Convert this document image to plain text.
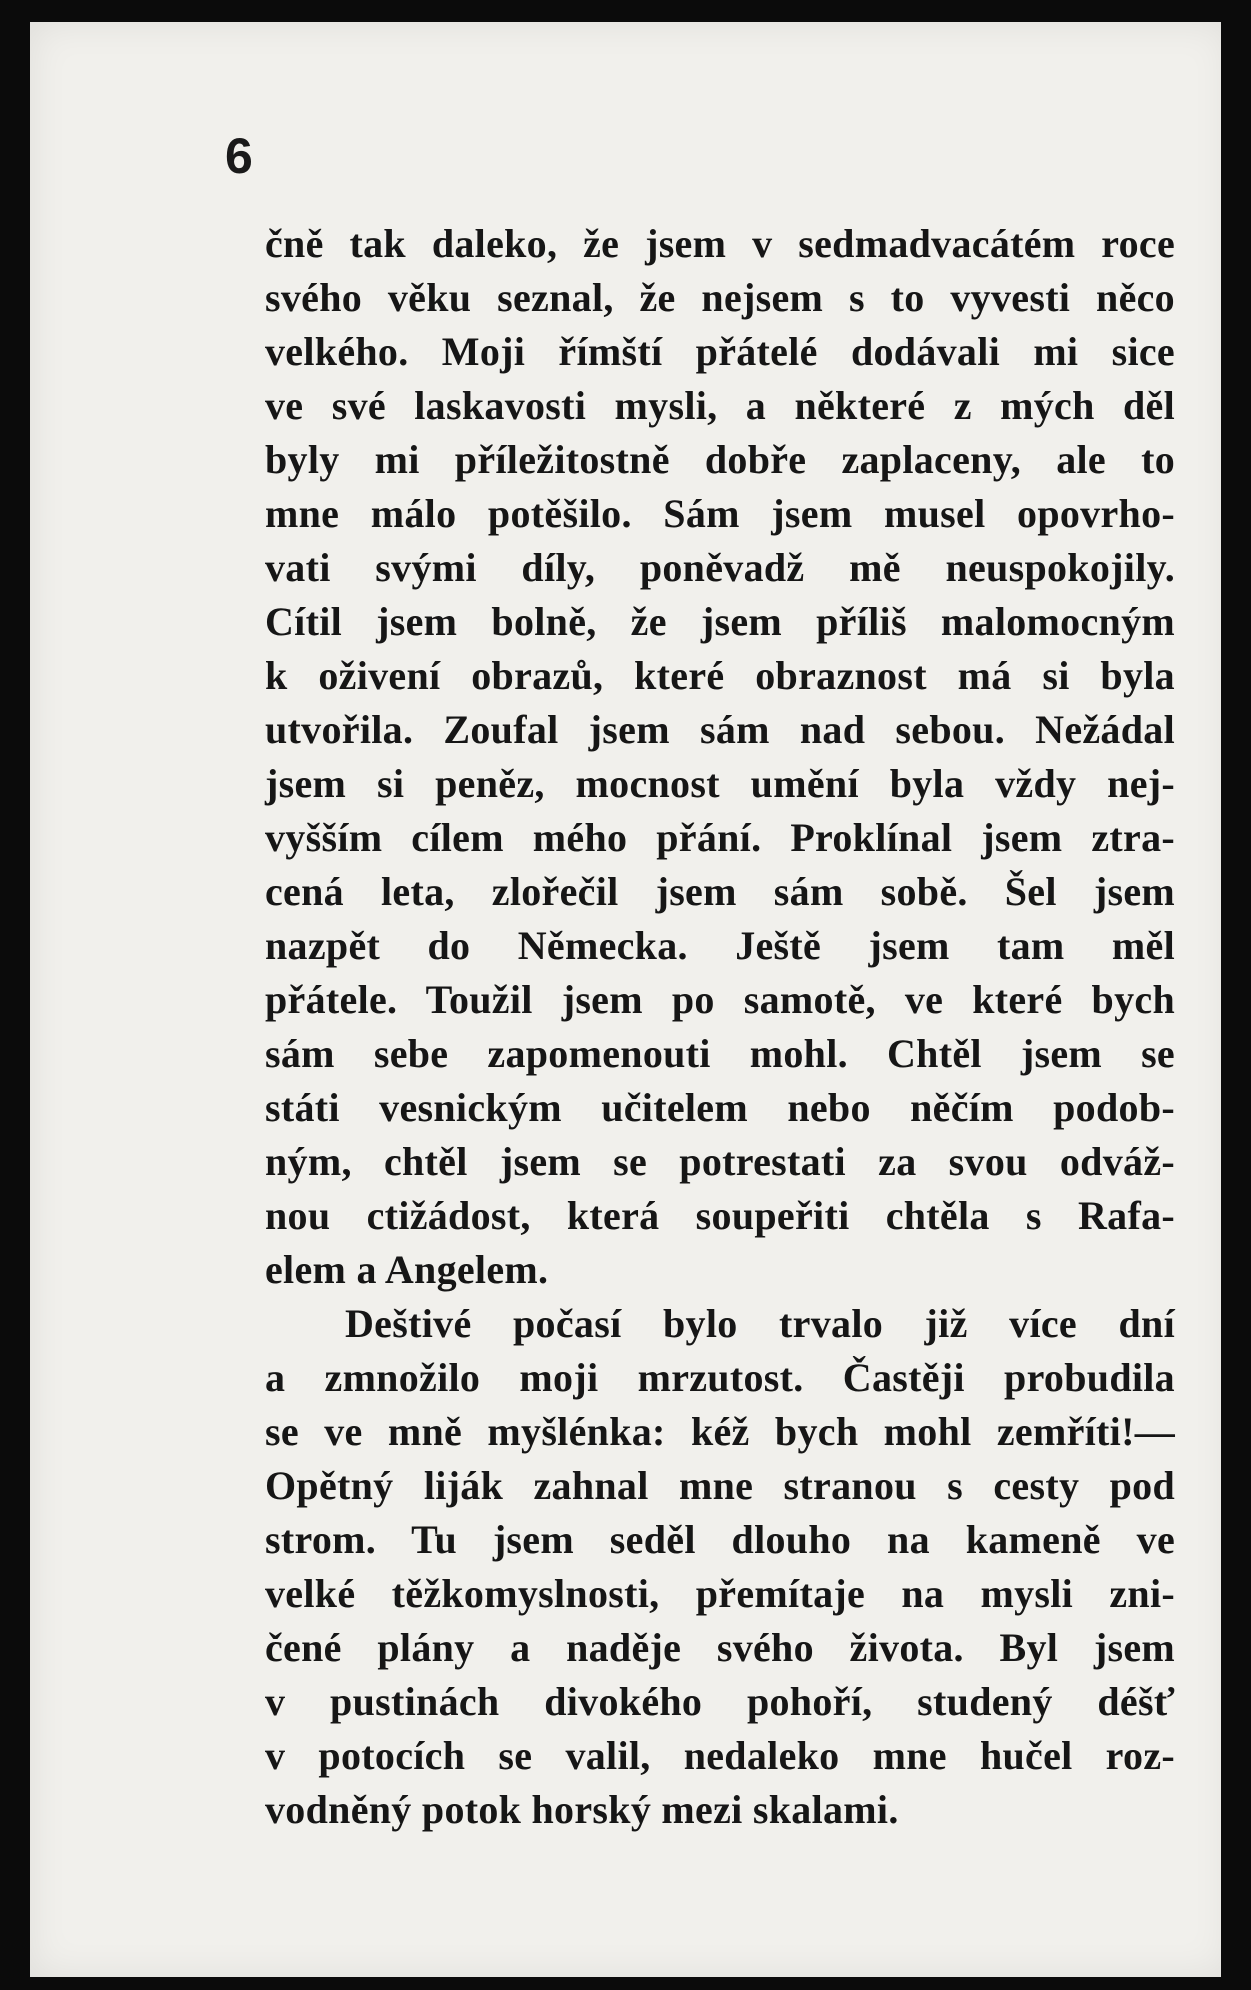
6

čně tak daleko, že jsem v sedmadvacátém roce
svého věku seznal, že nejsem s to vyvesti něco
velkého. Moji římští přátelé dodávali mi sice
ve své laskavosti mysli, a některé z mých děl
byly mi příležitostně dobře zaplaceny, ale to
mne málo potěšilo. Sám jsem musel opovrho-
vati svými díly, poněvadž mě neuspokojily.
Cítil jsem bolně, že jsem příliš malomocným
k oživení obrazů, které obraznost má si byla
utvořila. Zoufal jsem sám nad sebou. Nežádal
jsem si peněz, mocnost umění byla vždy nej-
vyšším cílem mého přání. Proklínal jsem ztra-
cená leta, zlořečil jsem sám sobě. Šel jsem
nazpět do Německa. Ještě jsem tam měl
přátele. Toužil jsem po samotě, ve které bych
sám sebe zapomenouti mohl. Chtěl jsem se
státi vesnickým učitelem nebo něčím podob-
ným, chtěl jsem se potrestati za svou odváž-
nou ctižádost, která soupeřiti chtěla s Rafa-
elem a Angelem.
Deštivé počasí bylo trvalo již více dní
a zmnožilo moji mrzutost. Častěji probudila
se ve mně myšlénka: kéž bych mohl zemříti!—
Opětný liják zahnal mne stranou s cesty pod
strom. Tu jsem seděl dlouho na kameně ve
velké těžkomyslnosti, přemítaje na mysli zni-
čené plány a naděje svého života. Byl jsem
v pustinách divokého pohoří, studený déšť
v potocích se valil, nedaleko mne hučel roz-
vodněný potok horský mezi skalami.
